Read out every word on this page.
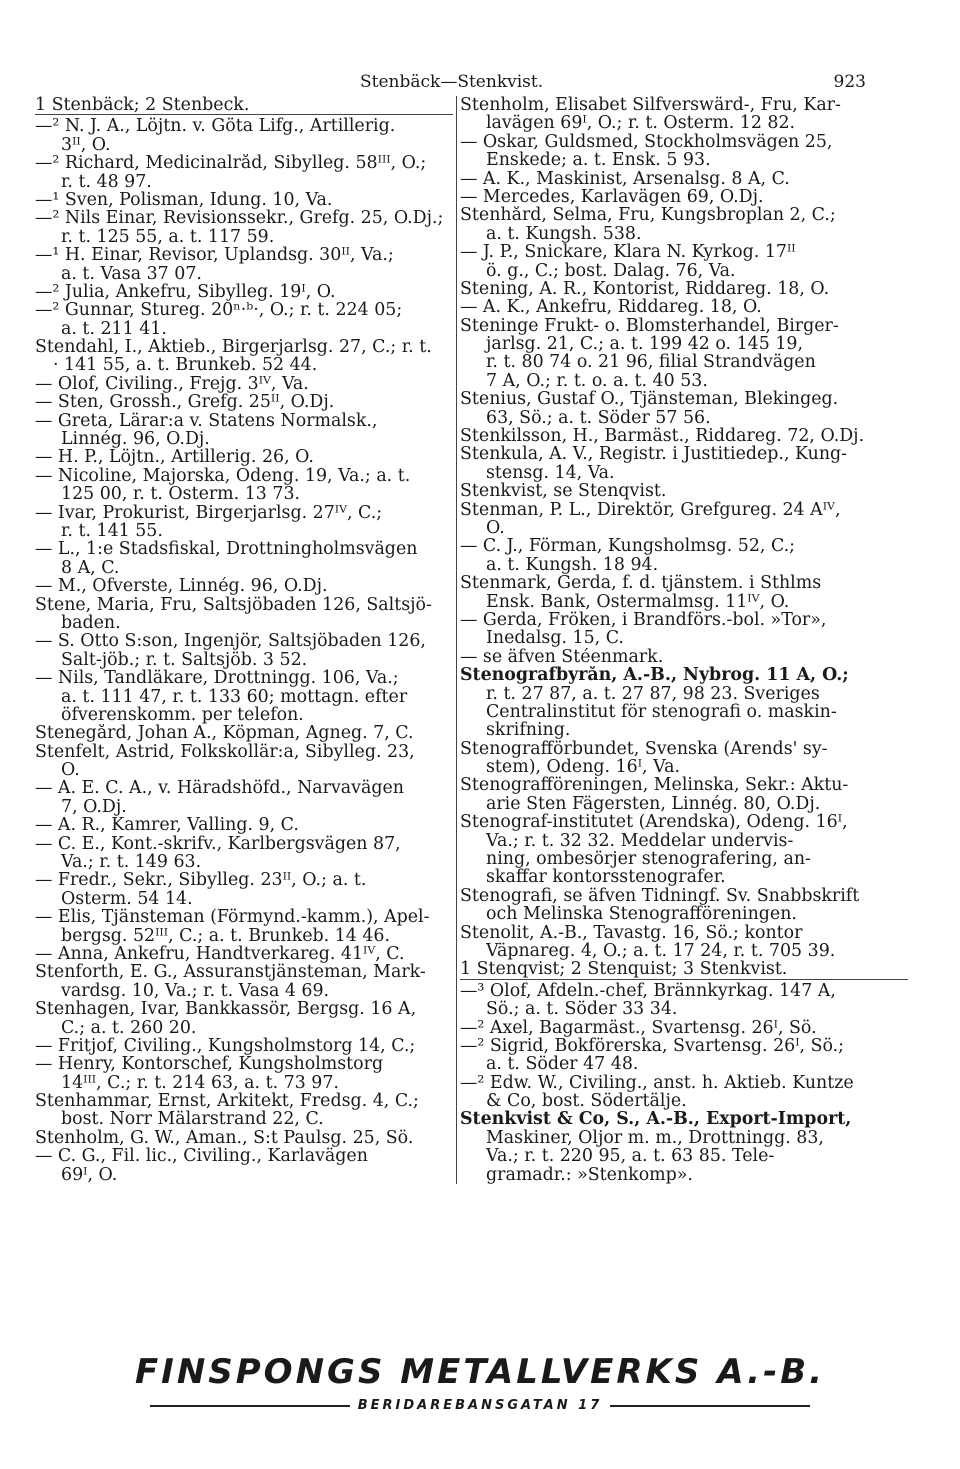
Stenbäck—Stenkvist.	923
1 Stenbäck; 2 Stenbeck.
—² N. J. A., Löjtn. v. Göta Lifg., Artillerig.
3ᴵᴵ, Ö.
—² Richard, Medicinalråd, Sibylleg. 58ᴵᴵᴵ, Ö.;
r. t. 48 97.
—¹ Sven, Polisman, Idung. 10, Va.
—² Nils Einar, Revisionssekr., Grefg. 25, Ö.Dj.;
r. t. 125 55, a. t. 117 59.
—¹ H. Einar, Revisor, Uplandsg. 30ᴵᴵ, Va.;
a. t. Vasa 37 07.
—² Julia, Änkefru, Sibylleg. 19ᴵ, Ö.
—² Gunnar, Stureg. 20ⁿ·ᵇ·, Ö.; r. t. 224 05;
a. t. 211 41.
Stendahl, I., Aktieb., Birgerjarlsg. 27, C.; r. t.
· 141 55, a. t. Brunkeb. 52 44.
— Olof, Civiling., Frejg. 3ᴵⱽ, Va.
— Sten, Grossh., Grefg. 25ᴵᴵ, Ö.Dj.
— Greta, Lärar:a v. Statens Normalsk.,
Linnég. 96, Ö.Dj.
— H. P., Löjtn., Artillerig. 26, Ö.
— Nicoline, Majorska, Odeng. 19, Va.; a. t.
125 00, r. t. Österm. 13 73.
— Ivar, Prokurist, Birgerjarlsg. 27ᴵⱽ, C.;
r. t. 141 55.
— L., 1:e Stadsfiskal, Drottningholmsvägen
8 A, C.
— M., Öfverste, Linnég. 96, Ö.Dj.
Stene, Maria, Fru, Saltsjöbaden 126, Saltsjö-
baden.
— S. Otto S:son, Ingenjör, Saltsjöbaden 126,
Salt-jöb.; r. t. Saltsjöb. 3 52.
— Nils, Tandläkare, Drottningg. 106, Va.;
a. t. 111 47, r. t. 133 60; mottagn. efter
öfverenskomm. per telefon.
Stenegård, Johan A., Köpman, Agneg. 7, C.
Stenfelt, Astrid, Folkskollär:a, Sibylleg. 23,
Ö.
— A. E. C. A., v. Häradshöfd., Narvavägen
7, Ö.Dj.
— A. R., Kamrer, Valling. 9, C.
— C. E., Kont.-skrifv., Karlbergsvägen 87,
Va.; r. t. 149 63.
— Fredr., Sekr., Sibylleg. 23ᴵᴵ, Ö.; a. t.
Österm. 54 14.
— Elis, Tjänsteman (Förmynd.-kamm.), Apel-
bergsg. 52ᴵᴵᴵ, C.; a. t. Brunkeb. 14 46.
— Anna, Änkefru, Handtverkareg. 41ᴵⱽ, C.
Stenforth, E. G., Assuranstjänsteman, Mark-
vardsg. 10, Va.; r. t. Vasa 4 69.
Stenhagen, Ivar, Bankkassör, Bergsg. 16 A,
C.; a. t. 260 20.
— Fritjof, Civiling., Kungsholmstorg 14, C.;
— Henry, Kontorschef, Kungsholmstorg
14ᴵᴵᴵ, C.; r. t. 214 63, a. t. 73 97.
Stenhammar, Ernst, Arkitekt, Fredsg. 4, C.;
bost. Norr Mälarstrand 22, C.
Stenholm, G. W., Aman., S:t Paulsg. 25, Sö.
— C. G., Fil. lic., Civiling., Karlavägen
69ᴵ, Ö.
Stenholm, Elisabet Silfverswärd-, Fru, Kar-
lavägen 69ᴵ, Ö.; r. t. Österm. 12 82.
— Oskar, Guldsmed, Stockholmsvägen 25,
Enskede; a. t. Ensk. 5 93.
— A. K., Maskinist, Arsenalsg. 8 A, C.
— Mercedes, Karlavägen 69, Ö.Dj.
Stenhård, Selma, Fru, Kungsbroplan 2, C.;
a. t. Kungsh. 538.
— J. P., Snickare, Klara N. Kyrkog. 17ᴵᴵ
ö. g., C.; bost. Dalag. 76, Va.
Stening, A. R., Kontorist, Riddareg. 18, Ö.
— A. K., Änkefru, Riddareg. 18, Ö.
Steninge Frukt- o. Blomsterhandel, Birger-
jarlsg. 21, C.; a. t. 199 42 o. 145 19,
r. t. 80 74 o. 21 96, filial Strandvägen
7 A, Ö.; r. t. o. a. t. 40 53.
Stenius, Gustaf O., Tjänsteman, Blekingeg.
63, Sö.; a. t. Söder 57 56.
Stenkilsson, H., Barmäst., Riddareg. 72, Ö.Dj.
Stenkula, A. V., Registr. i Justitiedep., Kung-
stensg. 14, Va.
Stenkvist, se Stenqvist.
Stenman, P. L., Direktör, Grefgureg. 24 Aᴵⱽ,
Ö.
— C. J., Förman, Kungsholmsg. 52, C.;
a. t. Kungsh. 18 94.
Stenmark, Gerda, f. d. tjänstem. i Sthlms
Ensk. Bank, Östermalmsg. 11ᴵⱽ, Ö.
— Gerda, Fröken, i Brandförs.-bol. »Tor»,
Inedalsg. 15, C.
— se äfven Stéenmark.
Stenografbyrån, A.-B., Nybrog. 11 A, Ö.;
r. t. 27 87, a. t. 27 87, 98 23. Sveriges
Centralinstitut för stenografi o. maskin-
skrifning.
Stenografförbundet, Svenska (Arends' sy-
stem), Odeng. 16ᴵ, Va.
Stenografföreningen, Melinska, Sekr.: Aktu-
arie Sten Fägersten, Linnég. 80, Ö.Dj.
Stenograf-institutet (Arendska), Odeng. 16ᴵ,
Va.; r. t. 32 32. Meddelar undervis-
ning, ombesörjer stenografering, an-
skaffar kontorsstenografer.
Stenografi, se äfven Tidningf. Sv. Snabbskrift
och Melinska Stenografföreningen.
Stenolit, A.-B., Tavastg. 16, Sö.; kontor
Väpnareg. 4, Ö.; a. t. 17 24, r. t. 705 39.
1 Stenqvist; 2 Stenquist; 3 Stenkvist.
—³ Olof, Afdeln.-chef, Brännkyrkag. 147 A,
Sö.; a. t. Söder 33 34.
—² Axel, Bagarmäst., Svartensg. 26ᴵ, Sö.
—² Sigrid, Bokförerska, Svartensg. 26ᴵ, Sö.;
a. t. Söder 47 48.
—² Edw. W., Civiling., anst. h. Aktieb. Kuntze
& Co, bost. Södertälje.
Stenkvist & Co, S., A.-B., Export-Import,
Maskiner, Oljor m. m., Drottningg. 83,
Va.; r. t. 220 95, a. t. 63 85. Tele-
gramadr.: »Stenkomp».
FINSPONGS METALLVERKS A.-B.
BERIDAREBANSGATAN 17
